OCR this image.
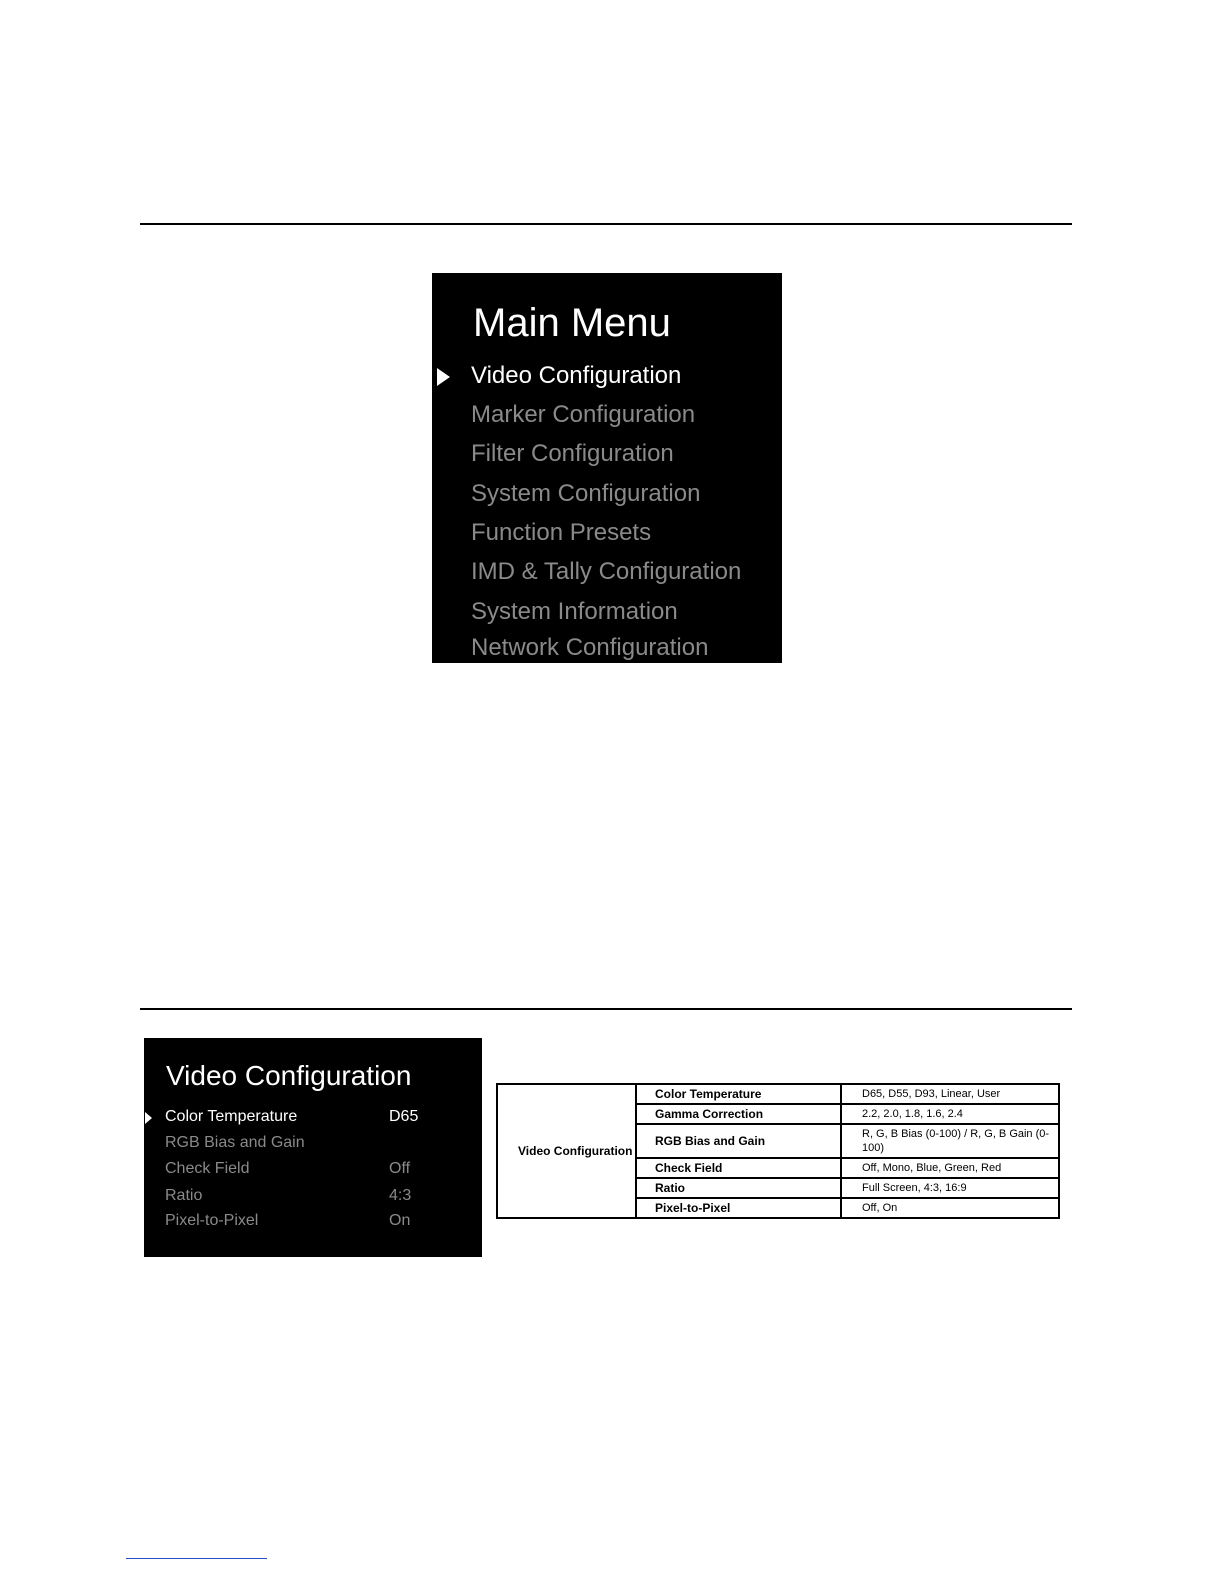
Main Menu
Video Configuration
Marker Configuration
Filter Configuration
System Configuration
Function Presets
IMD & Tally Configuration
System Information
Network Configuration
Video Configuration
Color Temperature	D65
RGB Bias and Gain
Check Field	Off
Ratio	4:3
Pixel-to-Pixel	On
Video Configuration	Color Temperature	D65, D55, D93, Linear, User
	Gamma Correction	2.2, 2.0, 1.8, 1.6, 2.4
	RGB Bias and Gain	R, G, B Bias (0-100) / R, G, B Gain (0-100)
	Check Field	Off, Mono, Blue, Green, Red
	Ratio	Full Screen, 4:3, 16:9
	Pixel-to-Pixel	Off, On
